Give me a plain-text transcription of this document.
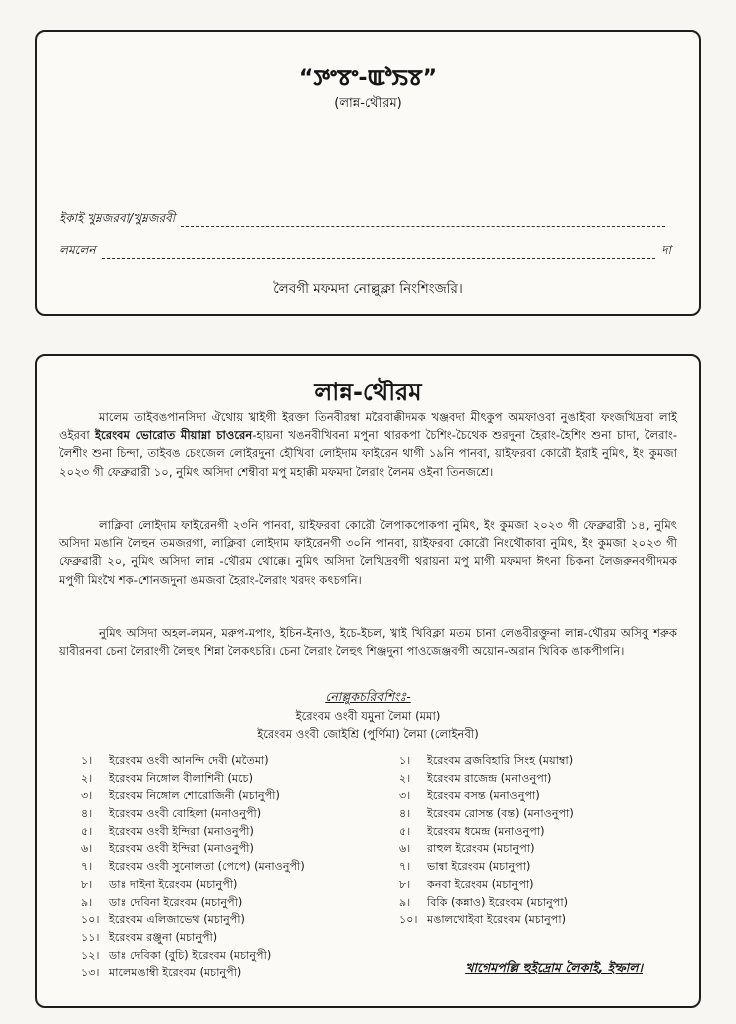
“ꯇꯦꯕꯦ-ꯑꯣꯏꯕ”
(লান্ন-থৌরম)
ইকাই খুম্নজরবা/খুম্নজরবী
লমলেন	দা
লৈবগী মফমদা নোল্লুক্লা নিংশিংজরি।
লান্ন-থৌরম
মালেম তাইবঙপানসিদা ঐথোয় খ্বাইগী ইরক্তা তিনবীরম্বা মরৈবাক্কীদমক খঞ্জবদা মীৎকুপ অমফাওবা নুঙাইবা ফংজখিদ্রবা লাই ওইরবা ইরেংবম ভোরোত মীয়াম্না চাওরেন-হায়না খঙনবীখিবনা মপুনা থারকপা চৈশিং-চৈথেক শুরদুনা হৈরাং-হৈশিং শুনা চাদা, লৈরাং-লৈশীং শুনা চিন্দা, তাইবঙ চেংজেল লোইরদুনা হৌখিবা লোইদাম ফাইরেন থাগী ১৯নি পানবা, য়াইফরবা কোরৌ ইরাই নুমিৎ, ইং কুমজা ২০২৩ গী ফেব্রুৱারী ১০, নুমিৎ অসিদা শেম্বীবা মপু মহাক্কী মফমদা লৈরাং লৈনম ওইনা তিনজশ্রে।
লাক্লিবা লোইদাম ফাইরেনগী ২৩নি পানবা, য়াইফরবা কোরৌ লৈপাকপোকপা নুমিৎ, ইং কুমজা ২০২৩ গী ফেব্রুৱারী ১৪, নুমিৎ অসিদা মঙানি লৈহুন তমজরগা, লাক্লিবা লোইদাম ফাইরেনগী ৩০নি পানবা, য়াইফরবা কোরৌ নিংথৌকাবা নুমিৎ, ইং কুমজা ২০২৩ গী ফেব্রুৱারী ২০, নুমিৎ অসিদা লান্ন -থৌরম থোক্কে। নুমিৎ অসিদা লৈখিদ্রবগী থরায়না মপু মাগী মফমদা ঈৎনা চিকনা লৈজরুনবগীদমক মপুগী মিংখৈ শক-শোনজদুনা ঙমজবা হৈরাং-লৈরাং খরদং কৎচগনি।
নুমিৎ অসিদা অহল-লমন, মরুপ-মপাং, ইচিন-ইনাও, ইচে-ইচল, খ্বাই খিবিক্লা মতম চানা লেঙবীরক্তুনা লান্ন-থৌরম অসিবু শরুক য়াবীরনবা চেনা লৈরাংগী লৈহুৎ শিন্না লৈকৎচরি। চেনা লৈরাং লৈহুৎ শিঞ্জদুনা পাওজেঞ্জবগী অয়োন-অরান খিবিক ঙাকপীগনি।
নোল্লুকচরিবশিংঃ-
ইরেংবম ওংবী যমুনা লৈমা (মমা)
ইরেংবম ওংবী জোইশ্রি (পুর্ণিমা) লৈমা (লোইনবী)
১।	ইরেংবম ওংবী আনন্দি দেবী (মতৈমা)
২।	ইরেংবম নিঙ্গোল বীলাশিনী (মচে)
৩।	ইরেংবম নিঙ্গোল শোরোজিনী (মচানুপী)
৪।	ইরেংবম ওংবী বোহিলা (মনাওনুপী)
৫।	ইরেংবম ওংবী ইন্দিরা (মনাওনুপী)
৬।	ইরেংবম ওংবী ইন্দিরা (মনাওনুপী)
৭।	ইরেংবম ওংবী সুনোলতা (পেপে) (মনাওনুপী)
৮।	ডাঃ দাইনা ইরেংবম (মচানুপী)
৯।	ডাঃ দেবিনা ইরেংবম (মচানুপী)
১০। ইরেংবম এলিজাভেথ (মচানুপী)
১১। ইরেংবম রঞ্জুনা (মচানুপী)
১২। ডাঃ দেবিকা (বুচি) ইরেংবম (মচানুপী)
১৩। মালেমঙাম্বী ইরেংবম (মচানুপী)
১।	ইরেংবম ব্রজবিহারি সিংহ (ময়াম্বা)
২।	ইরেংবম রাজেন্দ্র (মনাওনুপা)
৩।	ইরেংবম বসন্ত (মনাওনুপা)
৪।	ইরেংবম রোসন্ত (বন্ত) (মনাওনুপা)
৫।	ইরেংবম ধমেন্দ্র (মনাওনুপা)
৬।	রাহুল ইরেংবম (মচানুপা)
৭।	ভান্বা ইরেংবম (মচানুপা)
৮।	কনবা ইরেংবম (মচানুপা)
৯।	বিকি (কন্নাও) ইরেংবম (মচানুপা)
১০। মঙালখোইবা ইরেংবম (মচানুপা)
খাগেমপল্লি হুইদ্রোম লৈকাই, ইম্ফাল।
